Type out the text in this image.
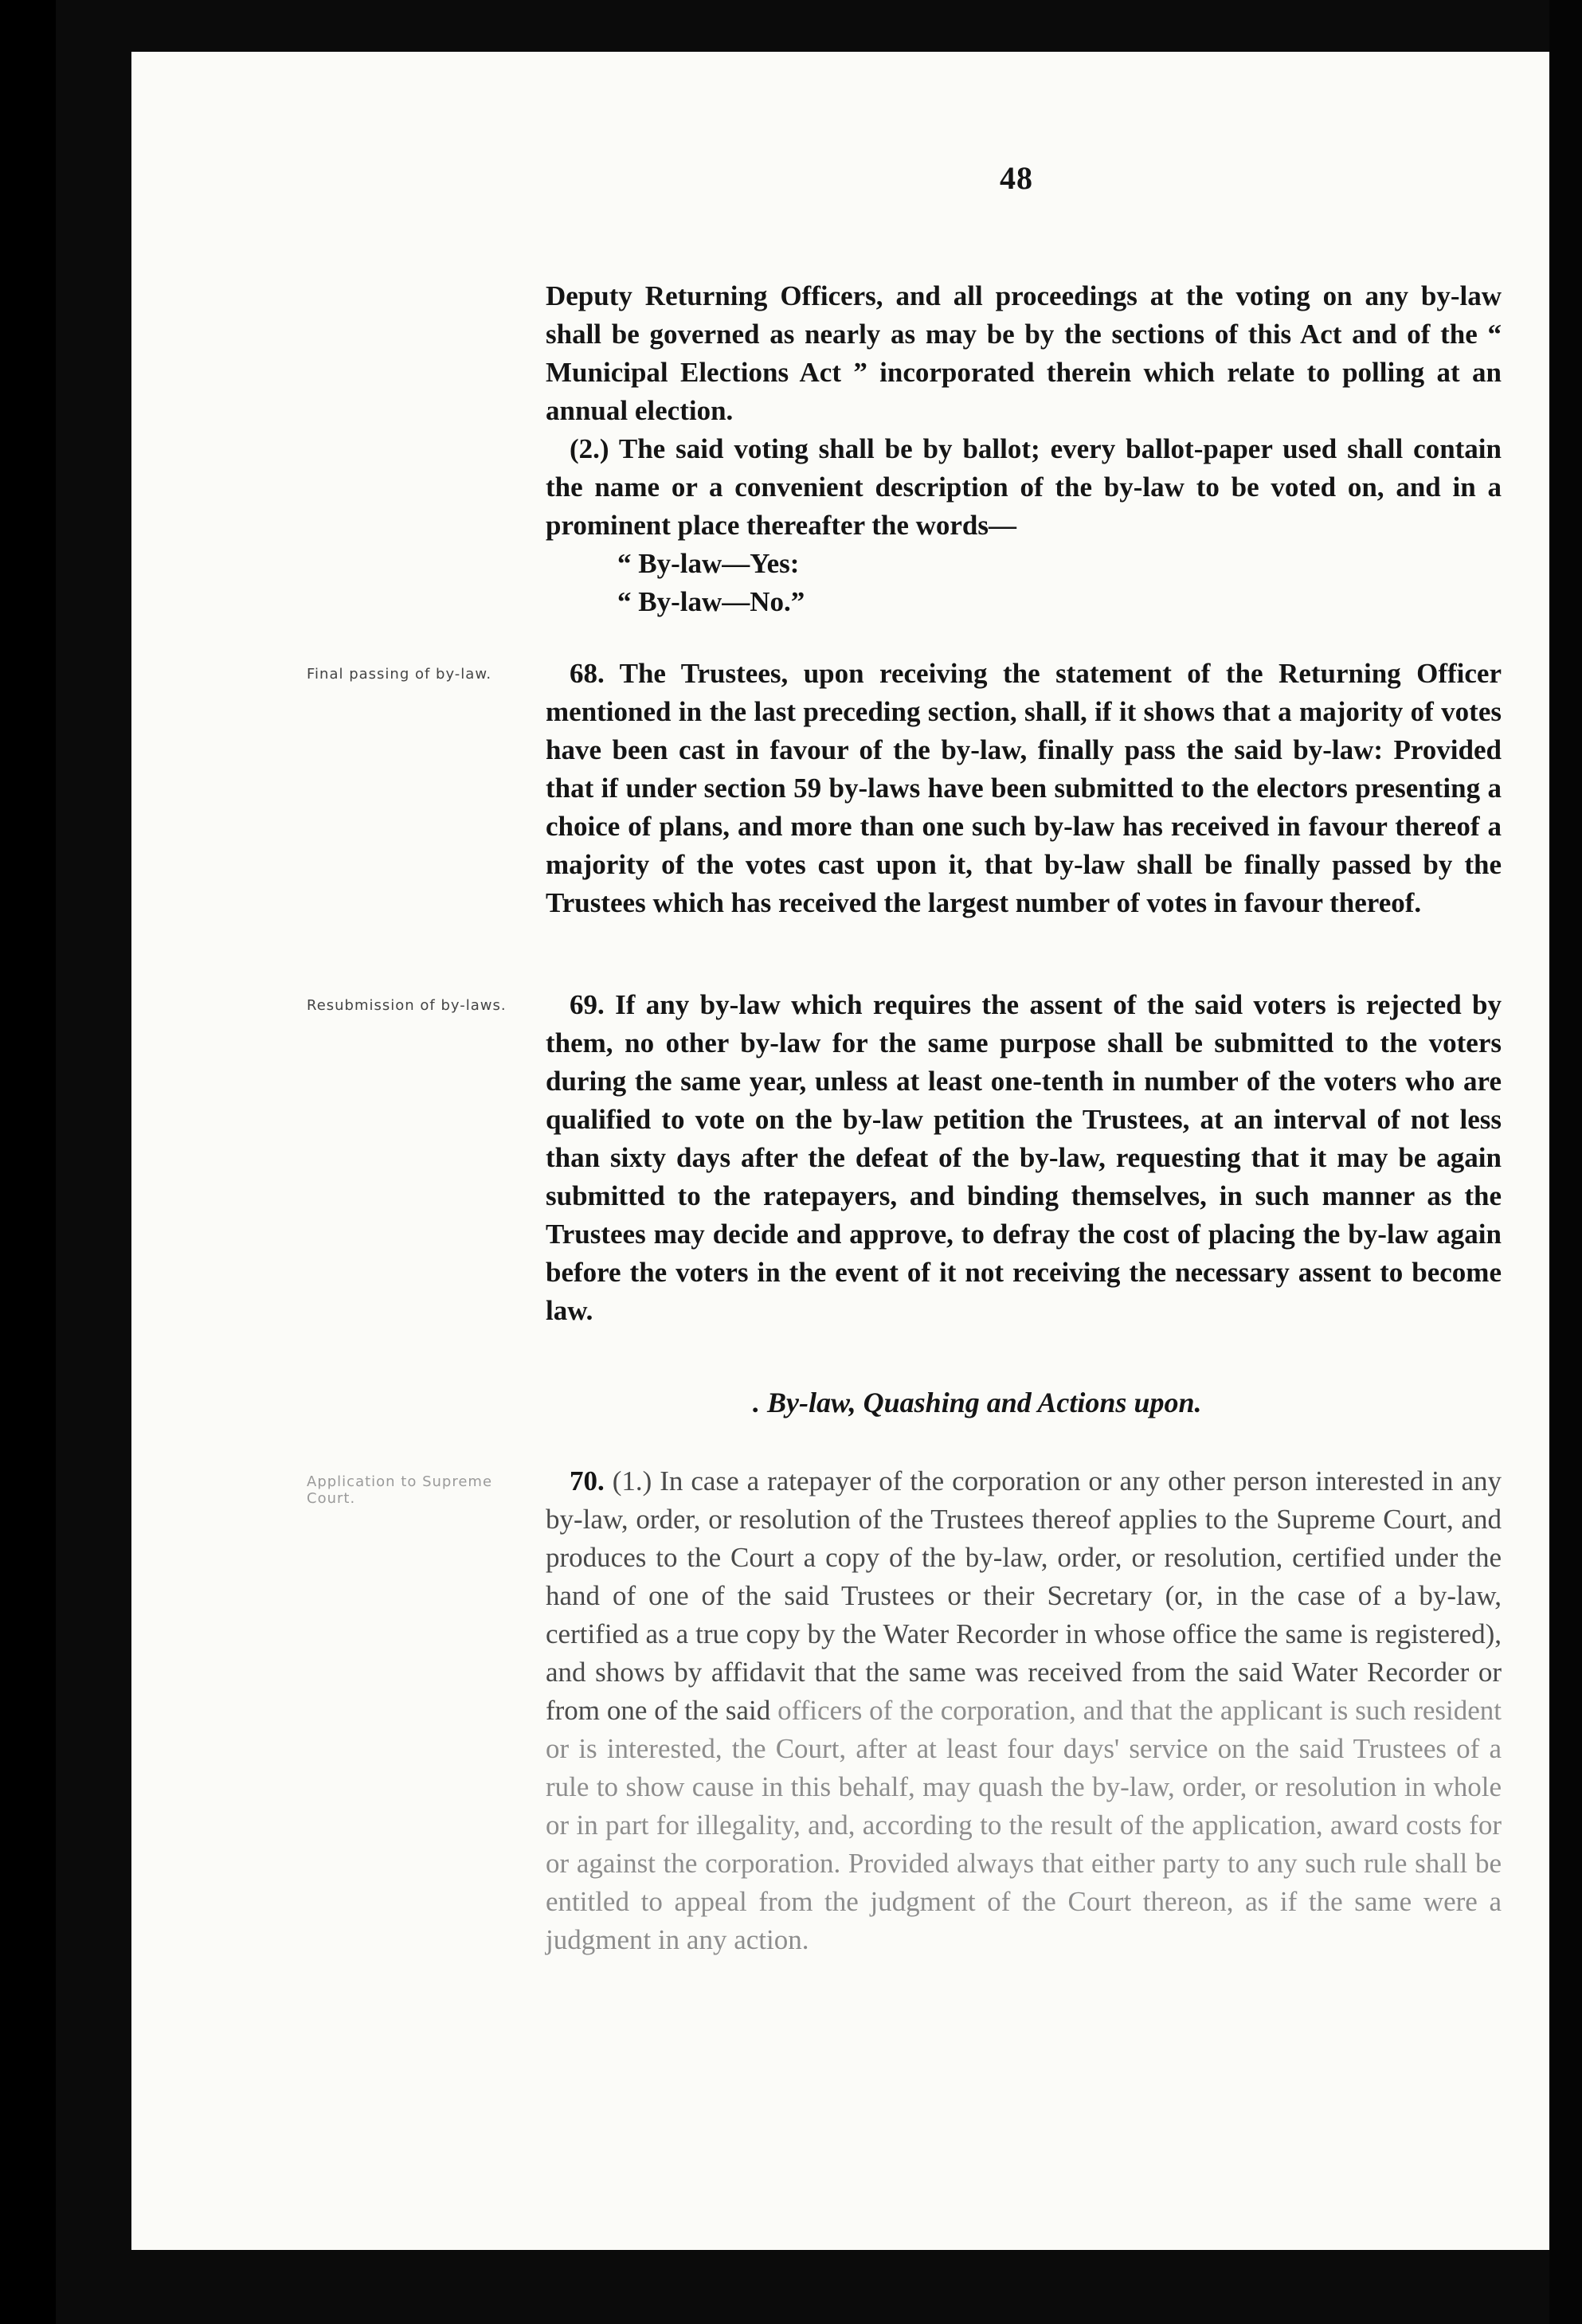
48

Deputy Returning Officers, and all proceedings at the voting on any by-law shall be governed as nearly as may be by the sections of this Act and of the “ Municipal Elections Act ” incorporated therein which relate to polling at an annual election.

(2.) The said voting shall be by ballot; every ballot-paper used shall contain the name or a convenient description of the by-law to be voted on, and in a prominent place thereafter the words—

“ By-law—Yes:

“ By-law—No.”

Final passing of by-law.	68. The Trustees, upon receiving the statement of the Returning Officer mentioned in the last preceding section, shall, if it shows that a majority of votes have been cast in favour of the by-law, finally pass the said by-law: Provided that if under section 59 by-laws have been submitted to the electors presenting a choice of plans, and more than one such by-law has received in favour thereof a majority of the votes cast upon it, that by-law shall be finally passed by the Trustees which has received the largest number of votes in favour thereof.

Resubmission of by-laws.	69. If any by-law which requires the assent of the said voters is rejected by them, no other by-law for the same purpose shall be submitted to the voters during the same year, unless at least one-tenth in number of the voters who are qualified to vote on the by-law petition the Trustees, at an interval of not less than sixty days after the defeat of the by-law, requesting that it may be again submitted to the ratepayers, and binding themselves, in such manner as the Trustees may decide and approve, to defray the cost of placing the by-law again before the voters in the event of it not receiving the necessary assent to become law.

. By-law, Quashing and Actions upon.
Application to Supreme Court.

70. (1.) In case a ratepayer of the corporation or any other person interested in any by-law, order, or resolution of the Trustees thereof applies to the Supreme Court, and produces to the Court a copy of the by-law, order, or resolution, certified under the hand of one of the said Trustees or their Secretary (or, in the case of a by-law, certified as a true copy by the Water Recorder in whose office the same is registered), and shows by affidavit that the same was received from the said Water Recorder or from one of the said officers of the corporation, and that the applicant is such resident or is interested, the Court, after at least four days' service on the said Trustees of a rule to show cause in this behalf, may quash the by-law, order, or resolution in whole or in part for illegality, and, according to the result of the application, award costs for or against the corporation. Provided always that either party to any such rule shall be entitled to appeal from the judgment of the Court thereon, as if the same were a judgment in any action.
